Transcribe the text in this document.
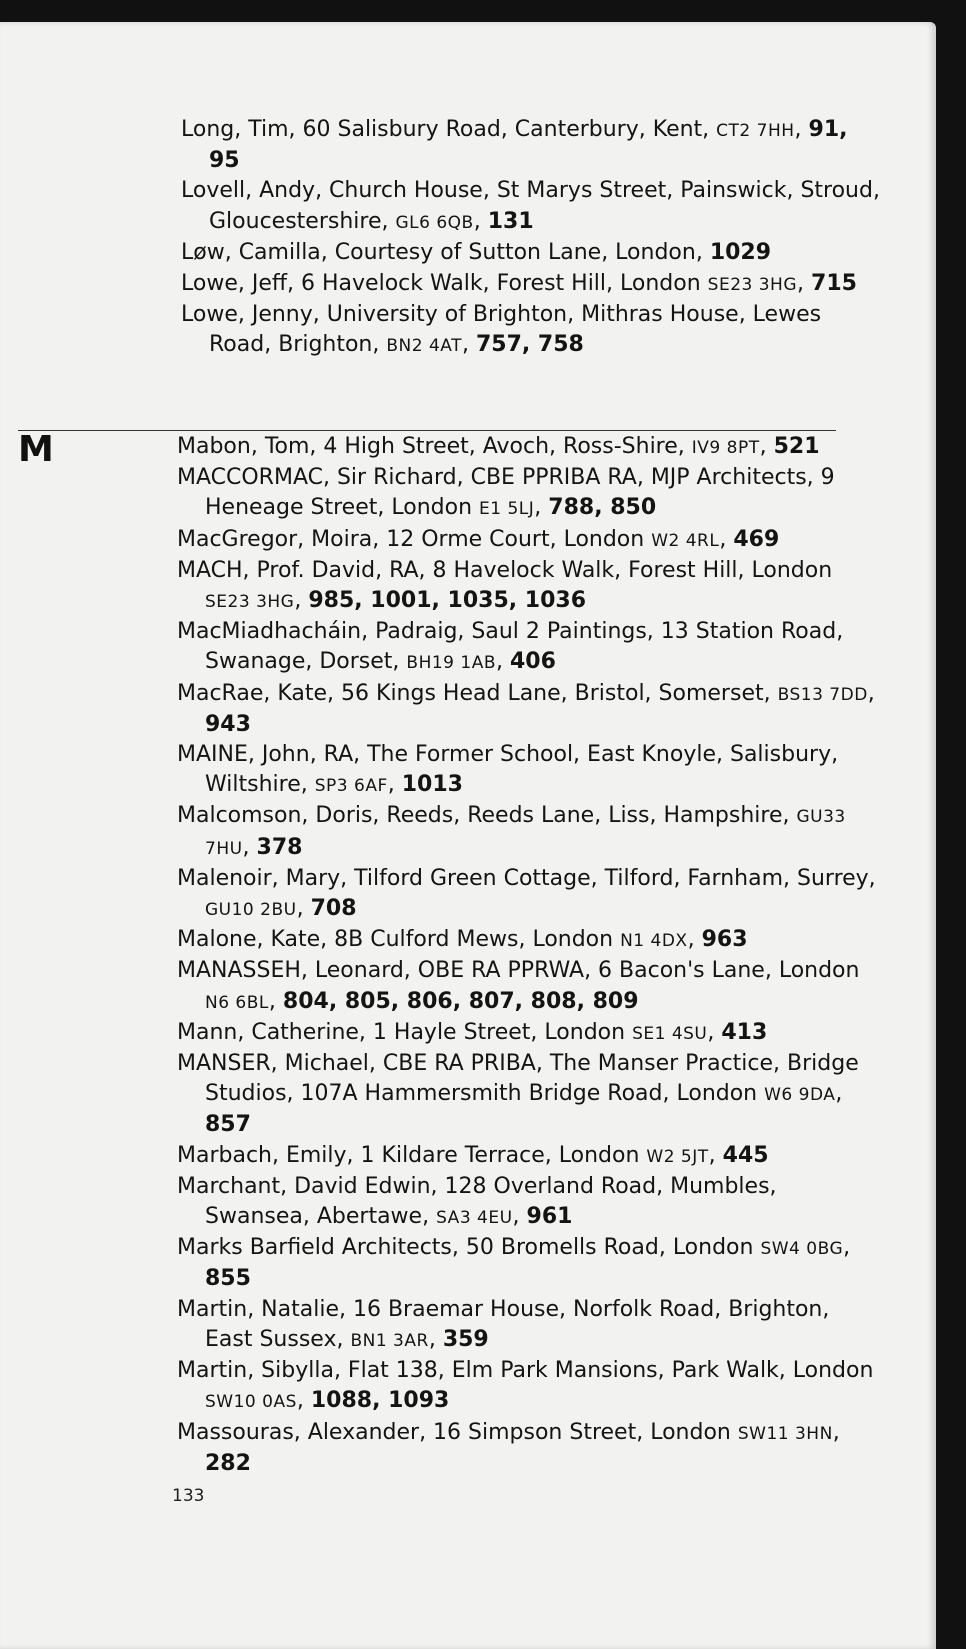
Long, Tim, 60 Salisbury Road, Canterbury, Kent, CT2 7HH, 91, 95
Lovell, Andy, Church House, St Marys Street, Painswick, Stroud, Gloucestershire, GL6 6QB, 131
Løw, Camilla, Courtesy of Sutton Lane, London, 1029
Lowe, Jeff, 6 Havelock Walk, Forest Hill, London SE23 3HG, 715
Lowe, Jenny, University of Brighton, Mithras House, Lewes Road, Brighton, BN2 4AT, 757, 758
M	Mabon, Tom, 4 High Street, Avoch, Ross-Shire, IV9 8PT, 521
MACCORMAC, Sir Richard, CBE PPRIBA RA, MJP Architects, 9 Heneage Street, London E1 5LJ, 788, 850
MacGregor, Moira, 12 Orme Court, London W2 4RL, 469
MACH, Prof. David, RA, 8 Havelock Walk, Forest Hill, London SE23 3HG, 985, 1001, 1035, 1036
MacMiadhacháin, Padraig, Saul 2 Paintings, 13 Station Road, Swanage, Dorset, BH19 1AB, 406
MacRae, Kate, 56 Kings Head Lane, Bristol, Somerset, BS13 7DD, 943
MAINE, John, RA, The Former School, East Knoyle, Salisbury, Wiltshire, SP3 6AF, 1013
Malcomson, Doris, Reeds, Reeds Lane, Liss, Hampshire, GU33 7HU, 378
Malenoir, Mary, Tilford Green Cottage, Tilford, Farnham, Surrey, GU10 2BU, 708
Malone, Kate, 8B Culford Mews, London N1 4DX, 963
MANASSEH, Leonard, OBE RA PPRWA, 6 Bacon's Lane, London N6 6BL, 804, 805, 806, 807, 808, 809
Mann, Catherine, 1 Hayle Street, London SE1 4SU, 413
MANSER, Michael, CBE RA PRIBA, The Manser Practice, Bridge Studios, 107A Hammersmith Bridge Road, London W6 9DA, 857
Marbach, Emily, 1 Kildare Terrace, London W2 5JT, 445
Marchant, David Edwin, 128 Overland Road, Mumbles, Swansea, Abertawe, SA3 4EU, 961
Marks Barfield Architects, 50 Bromells Road, London SW4 0BG, 855
Martin, Natalie, 16 Braemar House, Norfolk Road, Brighton, East Sussex, BN1 3AR, 359
Martin, Sibylla, Flat 138, Elm Park Mansions, Park Walk, London SW10 0AS, 1088, 1093
Massouras, Alexander, 16 Simpson Street, London SW11 3HN, 282
133
